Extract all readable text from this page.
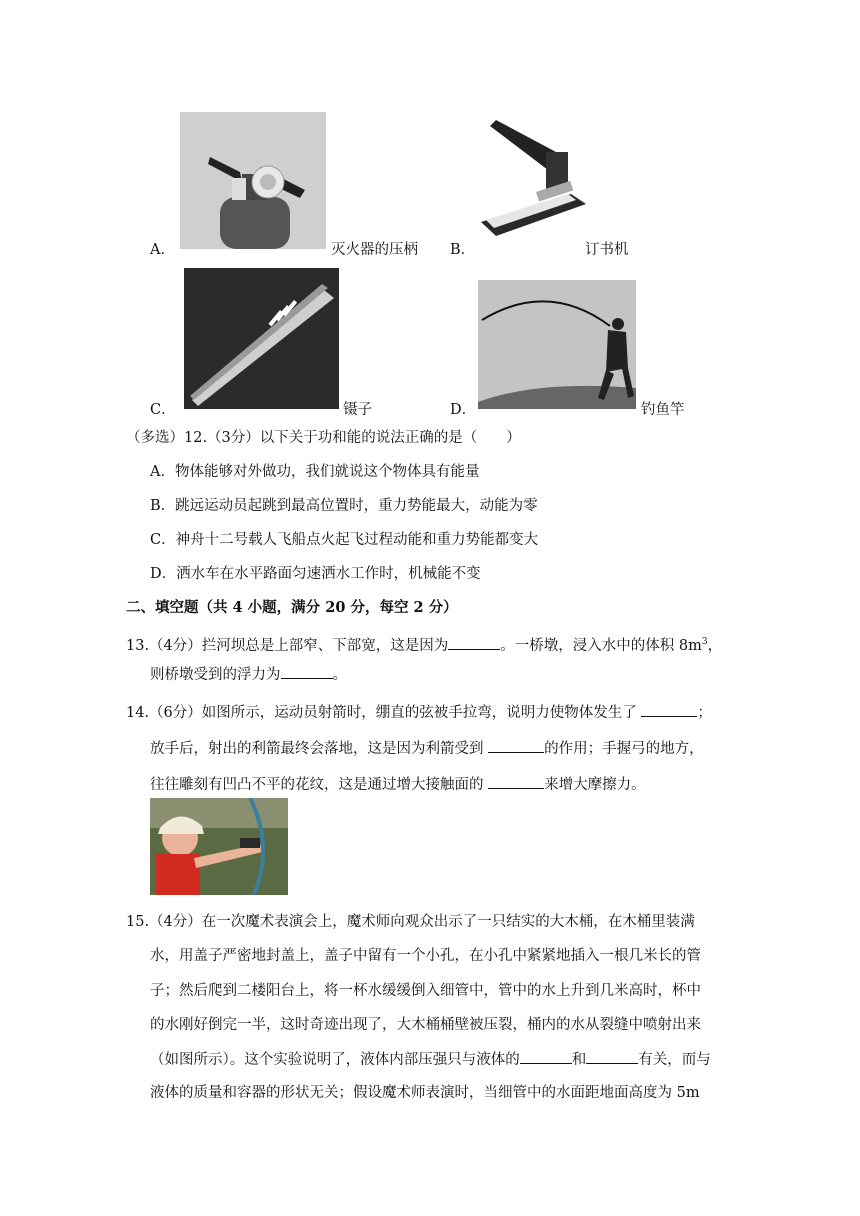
A．	灭火器的压柄 B．	订书机
C．	镊子	D．	钓鱼竿
（多选）12.（3分）以下关于功和能的说法正确的是（　　）
A．物体能够对外做功，我们就说这个物体具有能量
B．跳远运动员起跳到最高位置时，重力势能最大，动能为零
C．神舟十二号载人飞船点火起飞过程动能和重力势能都变大
D．洒水车在水平路面匀速洒水工作时，机械能不变
二、填空题（共 4 小题，满分 20 分，每空 2 分）
13.（4分）拦河坝总是上部窄、下部宽，这是因为	。一桥墩，浸入水中的体积 $8m^3$，
则桥墩受到的浮力为	。
14.（6分）如图所示，运动员射箭时，绷直的弦被手拉弯，说明力使物体发生了	；
放手后，射出的利箭最终会落地，这是因为利箭受到	的作用；手握弓的地方，
往往雕刻有凹凸不平的花纹，这是通过增大接触面的	来增大摩擦力。
15.（4分）在一次魔术表演会上，魔术师向观众出示了一只结实的大木桶，在木桶里装满
水，用盖子严密地封盖上，盖子中留有一个小孔，在小孔中紧紧地插入一根几米长的管
子；然后爬到二楼阳台上，将一杯水缓缓倒入细管中，管中的水上升到几米高时，杯中
的水刚好倒完一半，这时奇迹出现了，大木桶桶壁被压裂，桶内的水从裂缝中喷射出来
（如图所示）。这个实验说明了，液体内部压强只与液体的	和	有关，而与
液体的质量和容器的形状无关；假设魔术师表演时，当细管中的水面距地面高度为 5m
